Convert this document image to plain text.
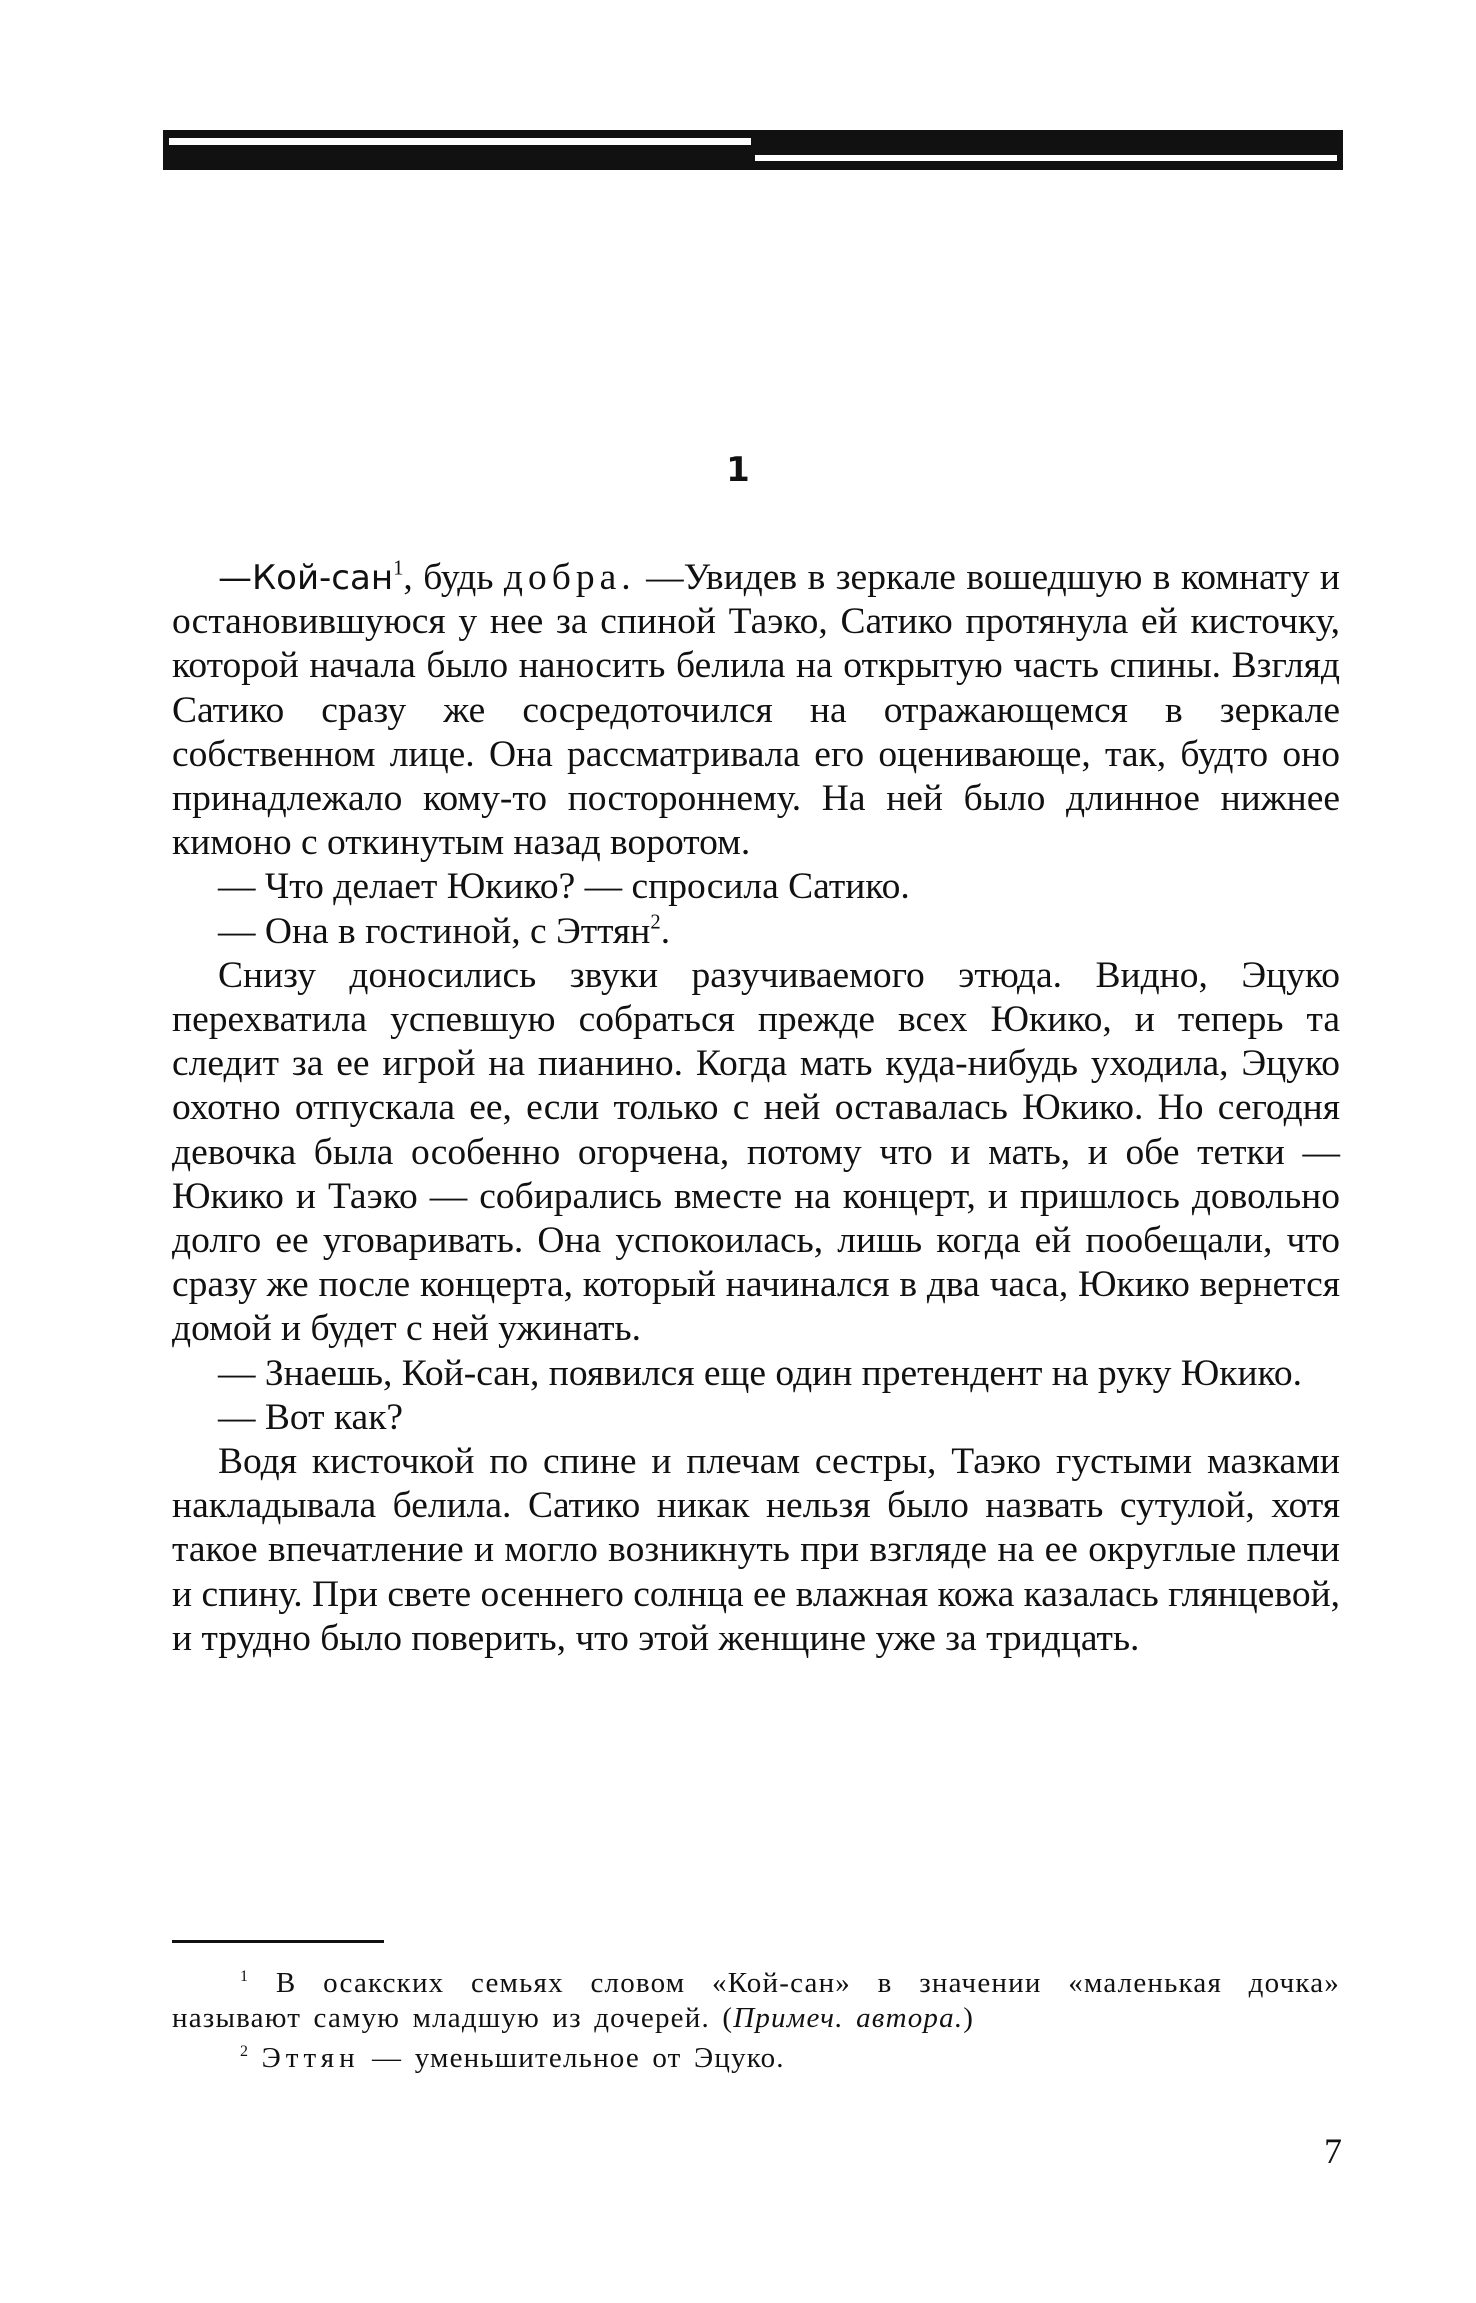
1

—Кой-сан$^1$, будь добра. —Увидев в зеркале вошедшую в комнату и остановившуюся у нее за спиной Таэко, Сатико протянула ей кисточку, которой начала было наносить белила на открытую часть спины. Взгляд Сатико сразу же сосредоточился на отражающемся в зеркале собственном лице. Она рассматривала его оценивающе, так, будто оно принадлежало кому-то постороннему. На ней было длинное нижнее кимоно с откинутым назад воротом.

— Что делает Юкико? — спросила Сатико.

— Она в гостиной, с Эттян$^2$.

Снизу доносились звуки разучиваемого этюда. Видно, Эцуко перехватила успевшую собраться прежде всех Юкико, и теперь та следит за ее игрой на пианино. Когда мать куда-нибудь уходила, Эцуко охотно отпускала ее, если только с ней оставалась Юкико. Но сегодня девочка была особенно огорчена, потому что и мать, и обе тетки — Юкико и Таэко — собирались вместе на концерт, и пришлось довольно долго ее уговаривать. Она успокоилась, лишь когда ей пообещали, что сразу же после концерта, который начинался в два часа, Юкико вернется домой и будет с ней ужинать.

— Знаешь, Кой-сан, появился еще один претендент на руку Юкико.

— Вот как?

Водя кисточкой по спине и плечам сестры, Таэко густыми мазками накладывала белила. Сатико никак нельзя было назвать сутулой, хотя такое впечатление и могло возникнуть при взгляде на ее округлые плечи и спину. При свете осеннего солнца ее влажная кожа казалась глянцевой, и трудно было поверить, что этой женщине уже за тридцать.

$^1$ В осакских семьях словом «Кой-сан» в значении «маленькая дочка» называют самую младшую из дочерей. (Примеч. автора.)

$^2$ Эттян — уменьшительное от Эцуко.

7
